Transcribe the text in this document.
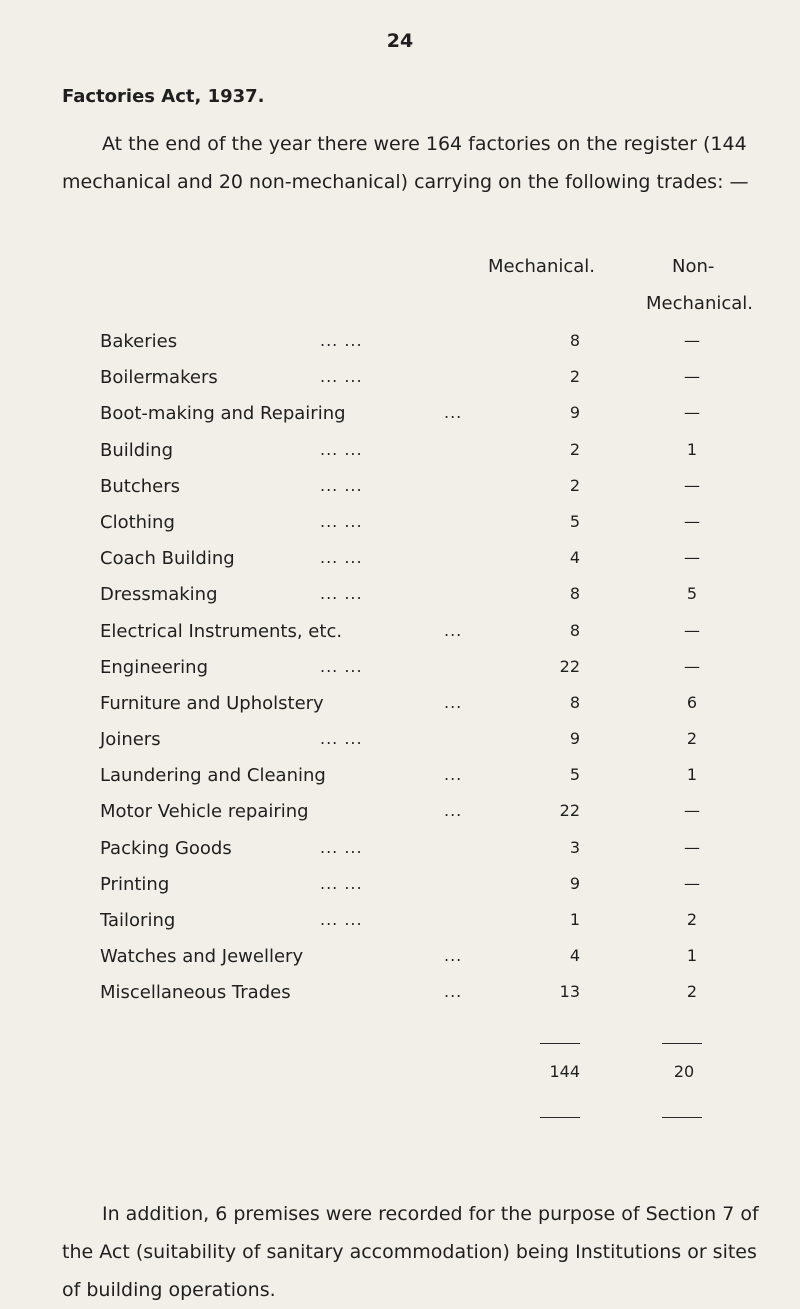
24
Factories Act, 1937.
At the end of the year there were 164 factories on the register (144 mechanical and 20 non-mechanical) carrying on the following trades: —
Mechanical.	Non-
Mechanical.
Bakeries	... ...	8	—
Boilermakers	... ...	2	—
Boot-making and Repairing	...	9	—
Building	... ...	2	1
Butchers	... ...	2	—
Clothing	... ...	5	—
Coach Building	... ...	4	—
Dressmaking	... ...	8	5
Electrical Instruments, etc.	...	8	—
Engineering	... ...	22	—
Furniture and Upholstery	...	8	6
Joiners	... ...	9	2
Laundering and Cleaning	...	5	1
Motor Vehicle repairing	...	22	—
Packing Goods	... ...	3	—
Printing	... ...	9	—
Tailoring	... ...	1	2
Watches and Jewellery	...	4	1
Miscellaneous Trades	...	13	2
144	20
In addition, 6 premises were recorded for the purpose of Section 7 of the Act (suitability of sanitary accommodation) being Institutions or sites of building operations.
